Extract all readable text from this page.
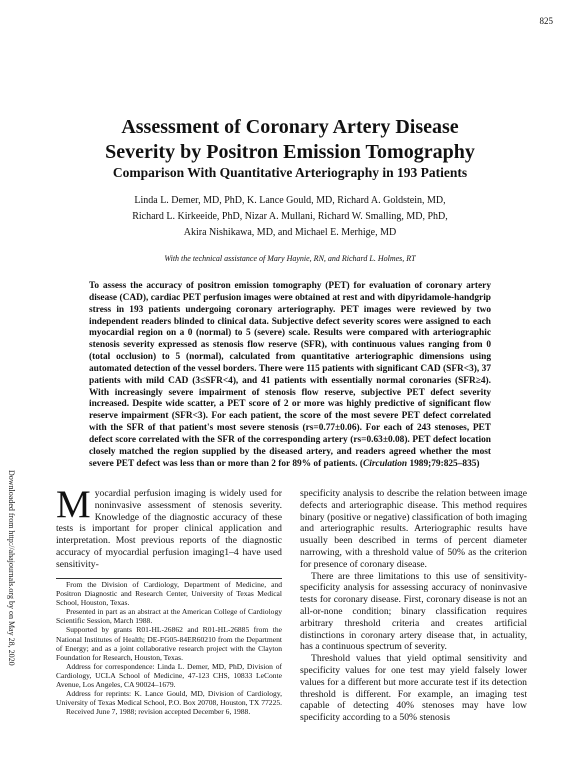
825
Downloaded from http://ahajournals.org by on May 28, 2020
Assessment of Coronary Artery Disease
Severity by Positron Emission Tomography
Comparison With Quantitative Arteriography in 193 Patients
Linda L. Demer, MD, PhD, K. Lance Gould, MD, Richard A. Goldstein, MD,
Richard L. Kirkeeide, PhD, Nizar A. Mullani, Richard W. Smalling, MD, PhD,
Akira Nishikawa, MD, and Michael E. Merhige, MD
With the technical assistance of Mary Haynie, RN, and Richard L. Holmes, RT
To assess the accuracy of positron emission tomography (PET) for evaluation of coronary artery disease (CAD), cardiac PET perfusion images were obtained at rest and with dipyridamole-handgrip stress in 193 patients undergoing coronary arteriography. PET images were reviewed by two independent readers blinded to clinical data. Subjective defect severity scores were assigned to each myocardial region on a 0 (normal) to 5 (severe) scale. Results were compared with arteriographic stenosis severity expressed as stenosis flow reserve (SFR), with continuous values ranging from 0 (total occlusion) to 5 (normal), calculated from quantitative arteriographic dimensions using automated detection of the vessel borders. There were 115 patients with significant CAD (SFR<3), 37 patients with mild CAD (3≤SFR<4), and 41 patients with essentially normal coronaries (SFR≥4). With increasingly severe impairment of stenosis flow reserve, subjective PET defect severity increased. Despite wide scatter, a PET score of 2 or more was highly predictive of significant flow reserve impairment (SFR<3). For each patient, the score of the most severe PET defect correlated with the SFR of that patient's most severe stenosis (rs=0.77±0.06). For each of 243 stenoses, PET defect score correlated with the SFR of the corresponding artery (rs=0.63±0.08). PET defect location closely matched the region supplied by the diseased artery, and readers agreed whether the most severe PET defect was less than or more than 2 for 89% of patients. (Circulation 1989;79:825–835)
Myocardial perfusion imaging is widely used for noninvasive assessment of stenosis severity. Knowledge of the diagnostic accuracy of these tests is important for proper clinical application and interpretation. Most previous reports of the diagnostic accuracy of myocardial perfusion imaging1–4 have used sensitivity-

From the Division of Cardiology, Department of Medicine, and Positron Diagnostic and Research Center, University of Texas Medical School, Houston, Texas.

Presented in part as an abstract at the American College of Cardiology Scientific Session, March 1988.

Supported by grants R01-HL-26862 and R01-HL-26885 from the National Institutes of Health; DE-FG05-84ER60210 from the Department of Energy; and as a joint collaborative research project with the Clayton Foundation for Research, Houston, Texas.

Address for correspondence: Linda L. Demer, MD, PhD, Division of Cardiology, UCLA School of Medicine, 47-123 CHS, 10833 LeConte Avenue, Los Angeles, CA 90024–1679.

Address for reprints: K. Lance Gould, MD, Division of Cardiology, University of Texas Medical School, P.O. Box 20708, Houston, TX 77225.

Received June 7, 1988; revision accepted December 6, 1988.

specificity analysis to describe the relation between image defects and arteriographic disease. This method requires binary (positive or negative) classification of both imaging and arteriographic results. Arteriographic results have usually been described in terms of percent diameter narrowing, with a threshold value of 50% as the criterion for presence of coronary disease.

There are three limitations to this use of sensitivity-specificity analysis for assessing accuracy of noninvasive tests for coronary disease. First, coronary disease is not an all-or-none condition; binary classification requires arbitrary threshold criteria and creates artificial distinctions in coronary artery disease that, in actuality, has a continuous spectrum of severity.

Threshold values that yield optimal sensitivity and specificity values for one test may yield falsely lower values for a different but more accurate test if its detection threshold is different. For example, an imaging test capable of detecting 40% stenoses may have low specificity according to a 50% stenosis
